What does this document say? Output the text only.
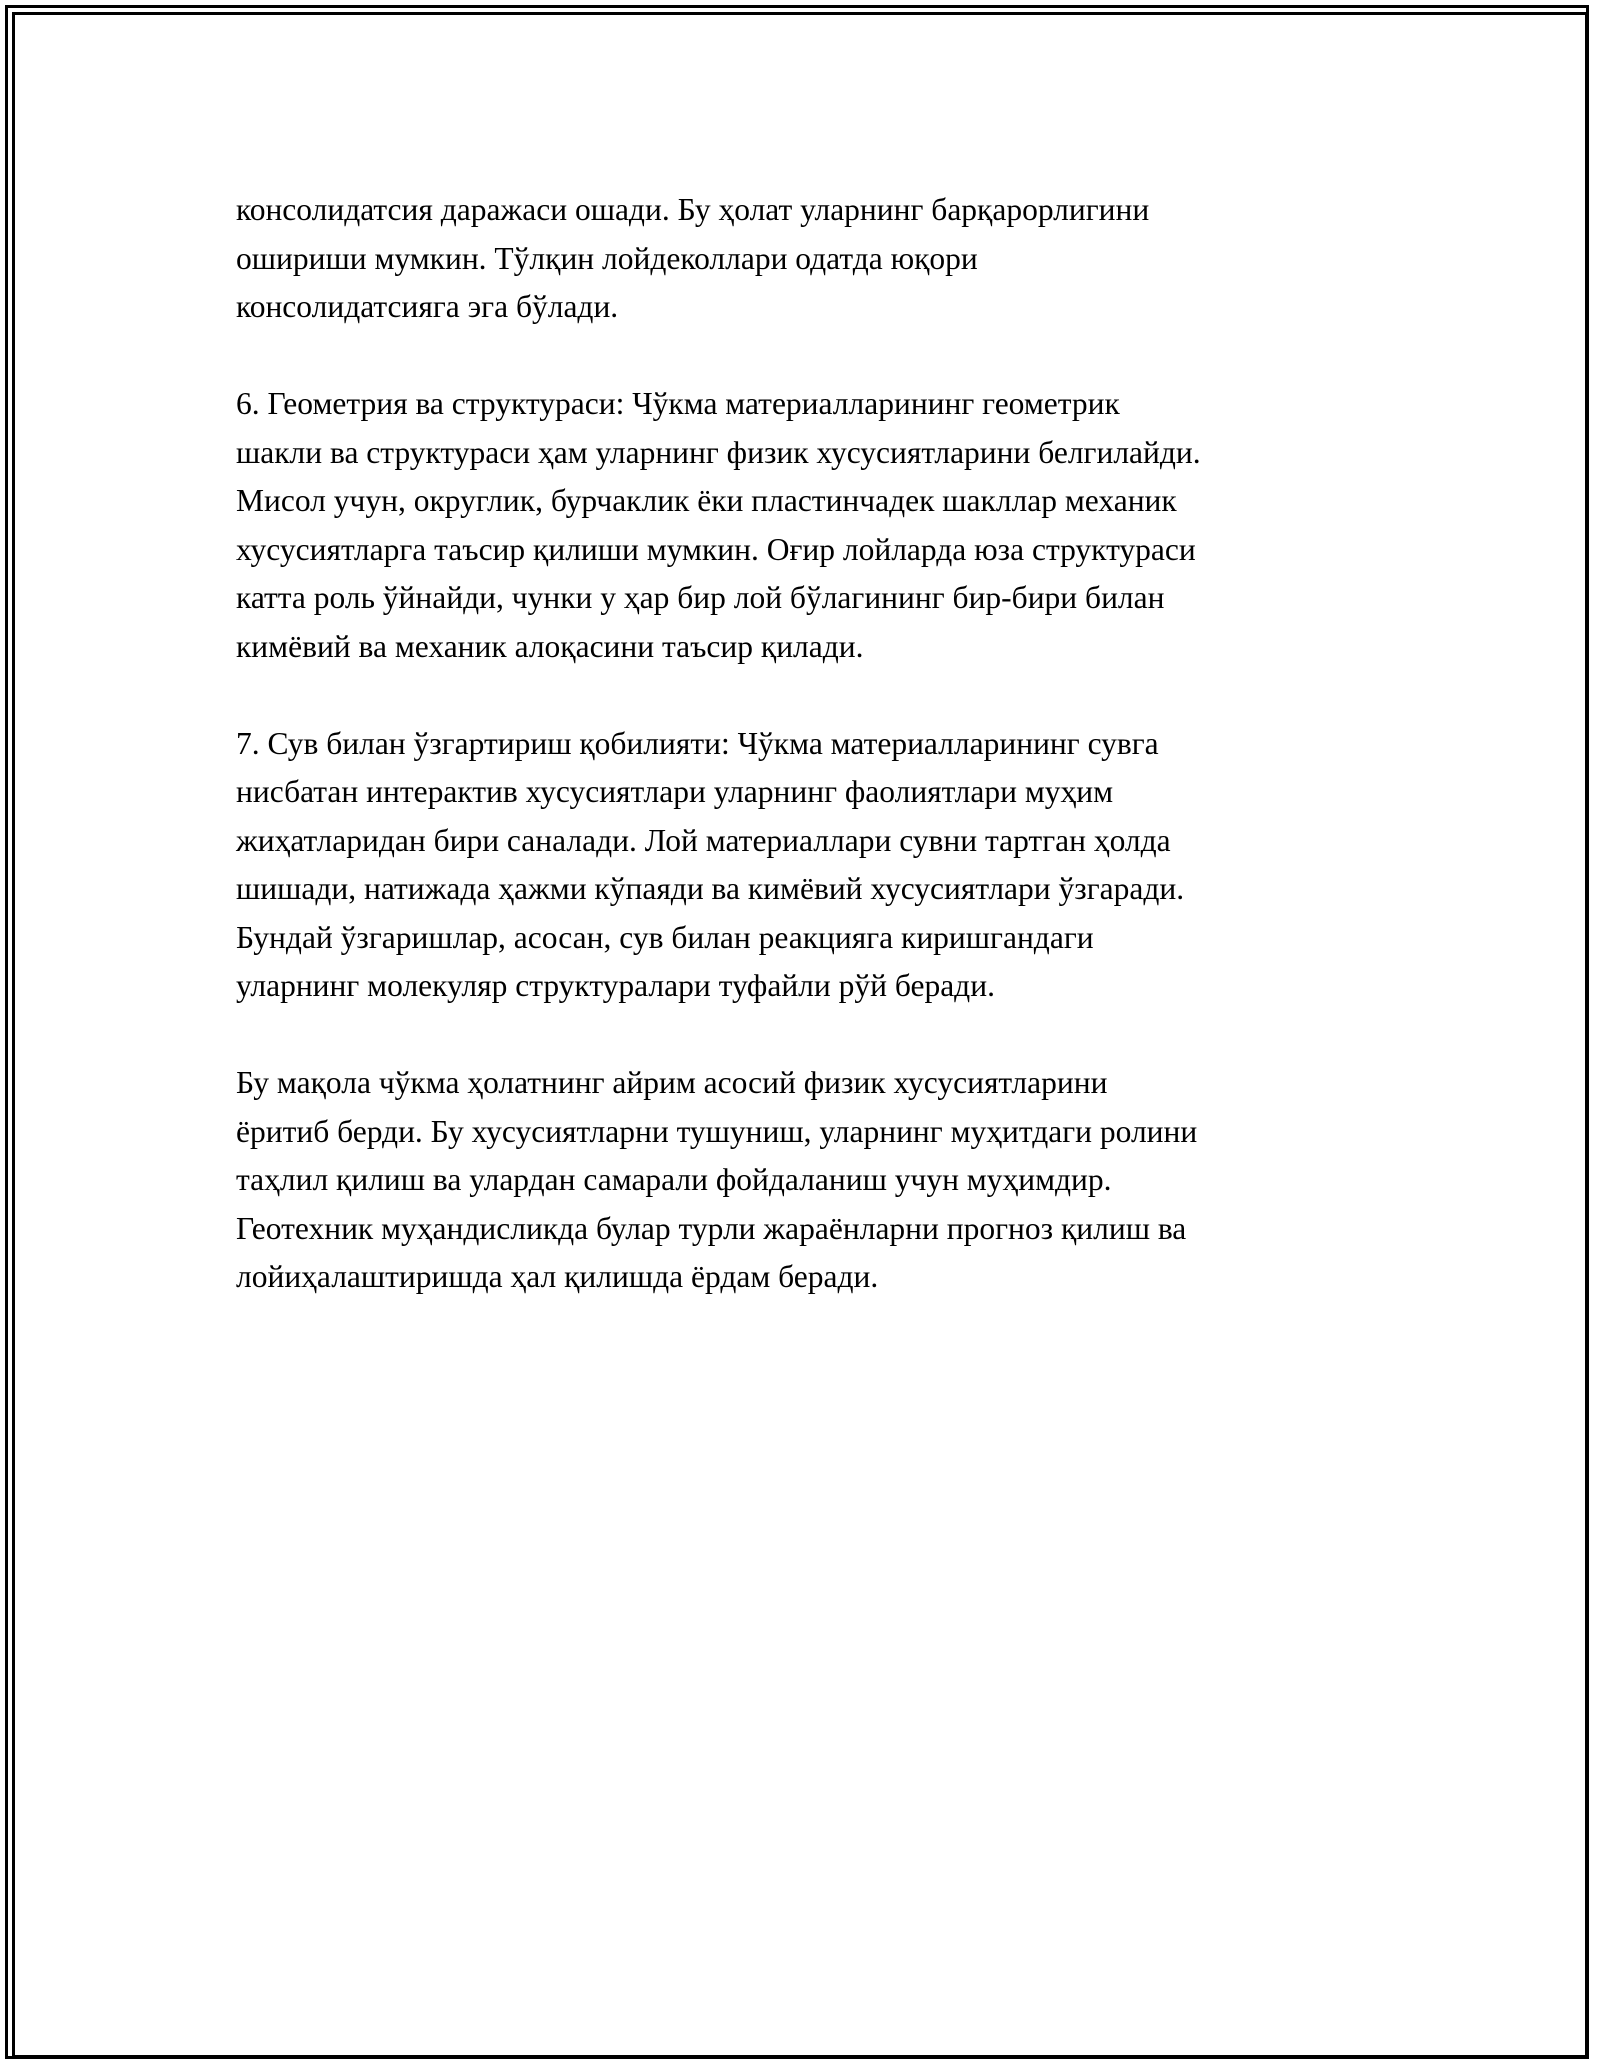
консолидатсия даражаси ошади. Бу ҳолат уларнинг барқарорлигини
ошириши мумкин. Тўлқин лойдеколлари одатда юқори
консолидатсияга эга бўлади.
6. Геометрия ва структураси: Чўкма материалларининг геометрик
шакли ва структураси ҳам уларнинг физик хусусиятларини белгилайди.
Мисол учун, округлик, бурчаклик ёки пластинчадек шакллар механик
хусусиятларга таъсир қилиши мумкин. Оғир лойларда юза структураси
катта роль ўйнайди, чунки у ҳар бир лой бўлагининг бир-бири билан
кимёвий ва механик алоқасини таъсир қилади.
7. Сув билан ўзгартириш қобилияти: Чўкма материалларининг сувга
нисбатан интерактив хусусиятлари уларнинг фаолиятлари муҳим
жиҳатларидан бири саналади. Лой материаллари сувни тартган ҳолда
шишади, натижада ҳажми кўпаяди ва кимёвий хусусиятлари ўзгаради.
Бундай ўзгаришлар, асосан, сув билан реакцияга киришгандаги
уларнинг молекуляр структуралари туфайли рўй беради.
Бу мақола чўкма ҳолатнинг айрим асосий физик хусусиятларини
ёритиб берди. Бу хусусиятларни тушуниш, уларнинг муҳитдаги ролини
таҳлил қилиш ва улардан самарали фойдаланиш учун муҳимдир.
Геотехник муҳандисликда булар турли жараёнларни прогноз қилиш ва
лойиҳалаштиришда ҳал қилишда ёрдам беради.
